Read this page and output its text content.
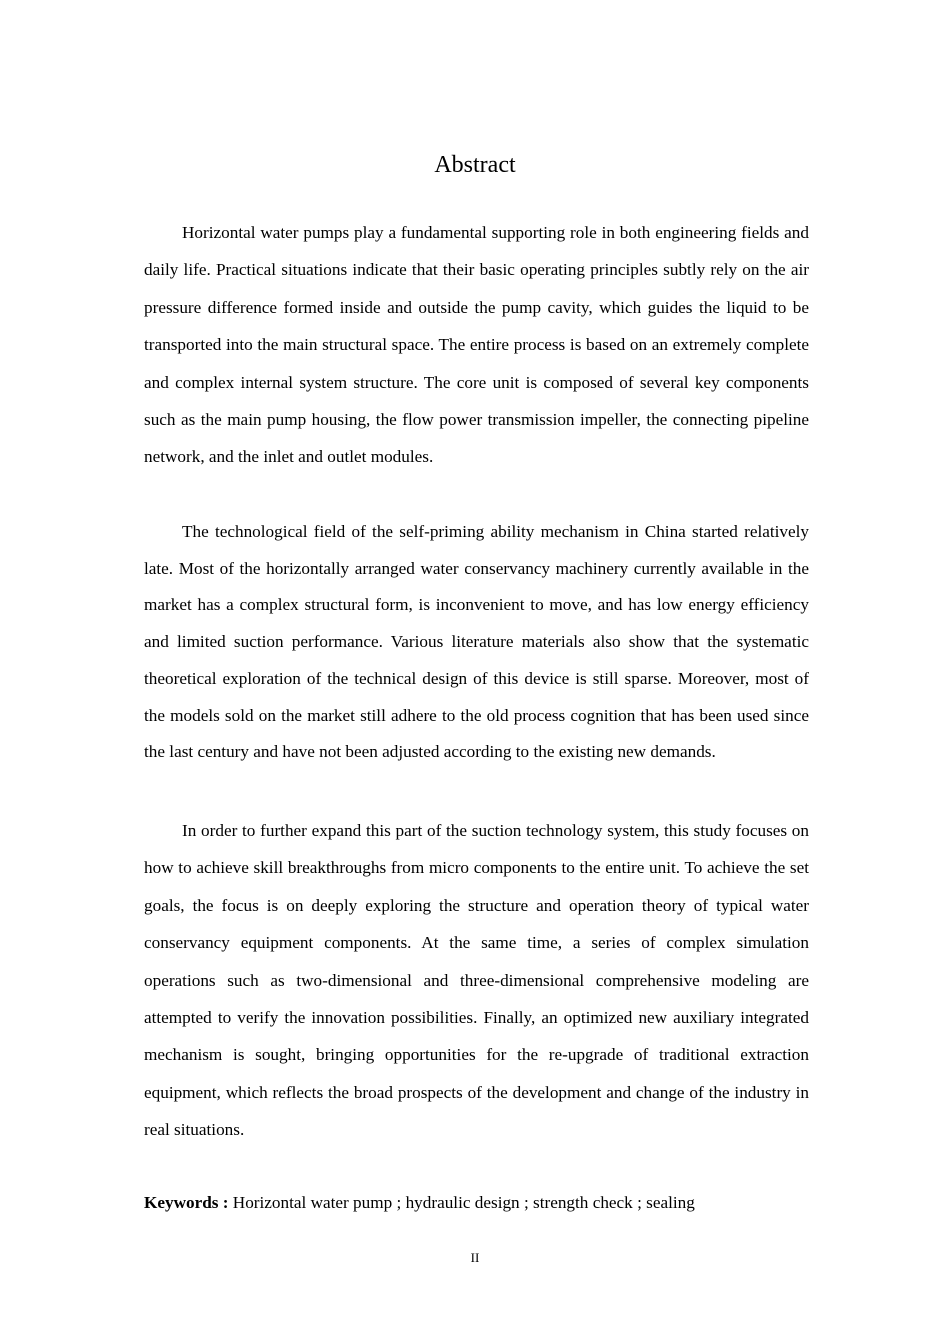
Abstract

Horizontal water pumps play a fundamental supporting role in both engineering fields and daily life. Practical situations indicate that their basic operating principles subtly rely on the air pressure difference formed inside and outside the pump cavity, which guides the liquid to be transported into the main structural space. The entire process is based on an extremely complete and complex internal system structure. The core unit is composed of several key components such as the main pump housing, the flow power transmission impeller, the connecting pipeline network, and the inlet and outlet modules.

The technological field of the self-priming ability mechanism in China started relatively late. Most of the horizontally arranged water conservancy machinery currently available in the market has a complex structural form, is inconvenient to move, and has low energy efficiency and limited suction performance. Various literature materials also show that the systematic theoretical exploration of the technical design of this device is still sparse. Moreover, most of the models sold on the market still adhere to the old process cognition that has been used since the last century and have not been adjusted according to the existing new demands.

In order to further expand this part of the suction technology system, this study focuses on how to achieve skill breakthroughs from micro components to the entire unit. To achieve the set goals, the focus is on deeply exploring the structure and operation theory of typical water conservancy equipment components. At the same time, a series of complex simulation operations such as two-dimensional and three-dimensional comprehensive modeling are attempted to verify the innovation possibilities. Finally, an optimized new auxiliary integrated mechanism is sought, bringing opportunities for the re-upgrade of traditional extraction equipment, which reflects the broad prospects of the development and change of the industry in real situations.

Keywords : Horizontal water pump ; hydraulic design ; strength check ; sealing
II
